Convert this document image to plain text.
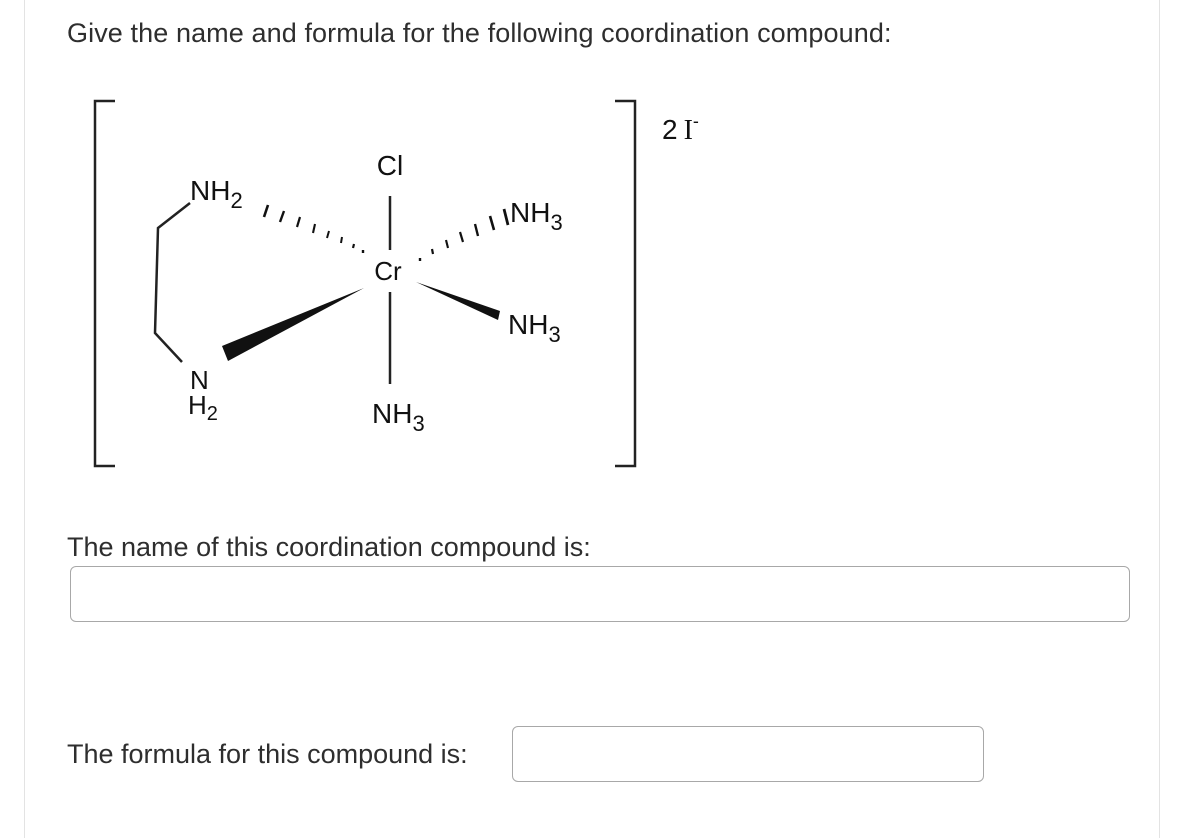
Give the name and formula for the following coordination compound:
Cl
Cr
$NH_2$	$NH_3$
$NH_3$
$NH_3$
N
$H_2$
2 I-
The name of this coordination compound is:
The formula for this compound is:
